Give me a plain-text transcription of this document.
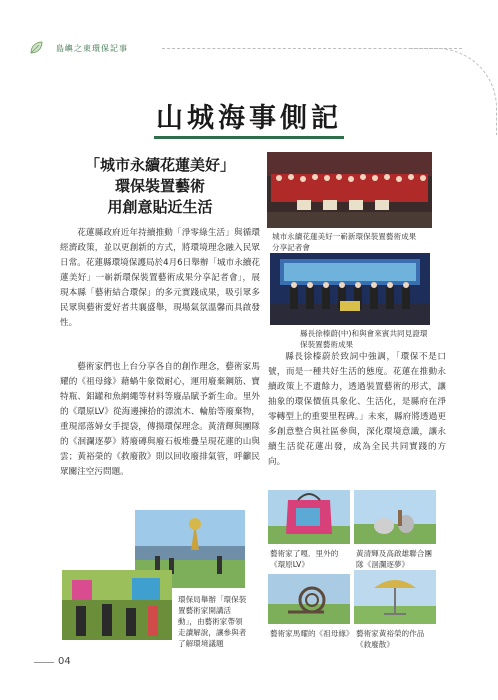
島嶼之東環保記事
山城海事側記
「城市永續花蓮美好」
環保裝置藝術
用創意貼近生活
花蓮縣政府近年持續推動「淨零綠生活」與循環經濟政策，並以更創新的方式，將環境理念融入民眾日常。花蓮縣環境保護局於4月6日舉辦「城市永續花蓮美好」一嶄新環保裝置藝術成果分享記者會」，展現本縣「藝術結合環保」的多元實踐成果，吸引眾多民眾與藝術愛好者共襄盛舉，現場氣氛溫馨而具啟發性。
藝術家們也上台分享各自的創作理念，藝術家馬耀的《祖母緣》藉蝸牛象徵耐心，運用廢棄鋼筋、寶特瓶、鋁罐和魚網繩等材料等廢品賦予新生命。里外的《環原LV》從海邊揀拾的漂流木、輪胎等廢棄物，重現部落婦女手提袋，傳揚環保理念。黃清輝與團隊的《洄瀾逐夢》將廢磚與廢石板堆疊呈現花蓮的山與雲；黃裕榮的《救廢散》則以回收廢排氣管，呼籲民眾關注空污問題。
城市永續花蓮美好一嶄新環保裝置藝術成果分享記者會
縣長徐榛蔚(中)和與會來賓共同見證環保裝置藝術成果
縣長徐榛蔚於致詞中強調，「環保不是口號，而是一種共好生活的態度。花蓮在推動永續政策上不遺餘力，透過裝置藝術的形式，讓抽象的環保價值具象化、生活化，是縣府在淨零轉型上的重要里程碑。」未來，縣府將透過更多創意整合與社區參與，深化環境意識，讓永續生活從花蓮出發，成為全民共同實踐的方向。
環保局舉辦「環保裝置藝術家開講活動」，由藝術家帶領走讀解說，讓參與者了解環境議題
藝術家了嘎．里外的《環原LV》
黃清輝及高啟雄聯合團隊《洄瀾逐夢》
藝術家馬耀的《祖母緣》 藝術家黃裕榮的作品《救廢散》
04
